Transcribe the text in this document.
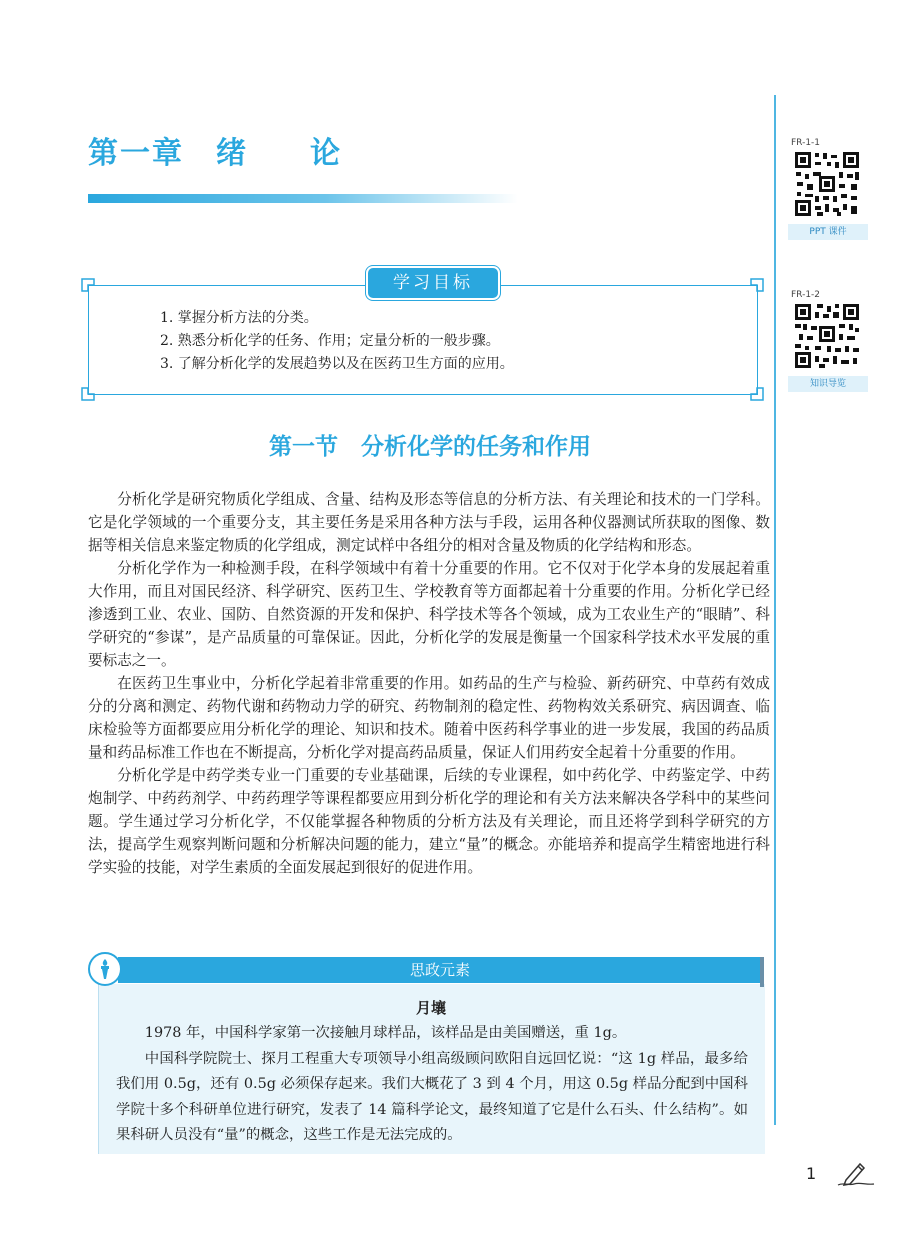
第一章　绪 论	FR-1-1
PPT 课件
FR-1-2
知识导览
学习目标
1. 掌握分析方法的分类。
2. 熟悉分析化学的任务、作用；定量分析的一般步骤。
3. 了解分析化学的发展趋势以及在医药卫生方面的应用。
第一节　分析化学的任务和作用

分析化学是研究物质化学组成、含量、结构及形态等信息的分析方法、有关理论和技术的一门学科。它是化学领域的一个重要分支，其主要任务是采用各种方法与手段，运用各种仪器测试所获取的图像、数据等相关信息来鉴定物质的化学组成，测定试样中各组分的相对含量及物质的化学结构和形态。

分析化学作为一种检测手段，在科学领域中有着十分重要的作用。它不仅对于化学本身的发展起着重大作用，而且对国民经济、科学研究、医药卫生、学校教育等方面都起着十分重要的作用。分析化学已经渗透到工业、农业、国防、自然资源的开发和保护、科学技术等各个领域，成为工农业生产的“眼睛”、科学研究的“参谋”，是产品质量的可靠保证。因此，分析化学的发展是衡量一个国家科学技术水平发展的重要标志之一。

在医药卫生事业中，分析化学起着非常重要的作用。如药品的生产与检验、新药研究、中草药有效成分的分离和测定、药物代谢和药物动力学的研究、药物制剂的稳定性、药物构效关系研究、病因调查、临床检验等方面都要应用分析化学的理论、知识和技术。随着中医药科学事业的进一步发展，我国的药品质量和药品标准工作也在不断提高，分析化学对提高药品质量，保证人们用药安全起着十分重要的作用。

分析化学是中药学类专业一门重要的专业基础课，后续的专业课程，如中药化学、中药鉴定学、中药炮制学、中药药剂学、中药药理学等课程都要应用到分析化学的理论和有关方法来解决各学科中的某些问题。学生通过学习分析化学，不仅能掌握各种物质的分析方法及有关理论，而且还将学到科学研究的方法，提高学生观察判断问题和分析解决问题的能力，建立“量”的概念。亦能培养和提高学生精密地进行科学实验的技能，对学生素质的全面发展起到很好的促进作用。

思政元素
月壤

1978 年，中国科学家第一次接触月球样品，该样品是由美国赠送，重 1g。

中国科学院院士、探月工程重大专项领导小组高级顾问欧阳自远回忆说：“这 1g 样品，最多给我们用 0.5g，还有 0.5g 必须保存起来。我们大概花了 3 到 4 个月，用这 0.5g 样品分配到中国科学院十多个科研单位进行研究，发表了 14 篇科学论文，最终知道了它是什么石头、什么结构”。如果科研人员没有“量”的概念，这些工作是无法完成的。

1
